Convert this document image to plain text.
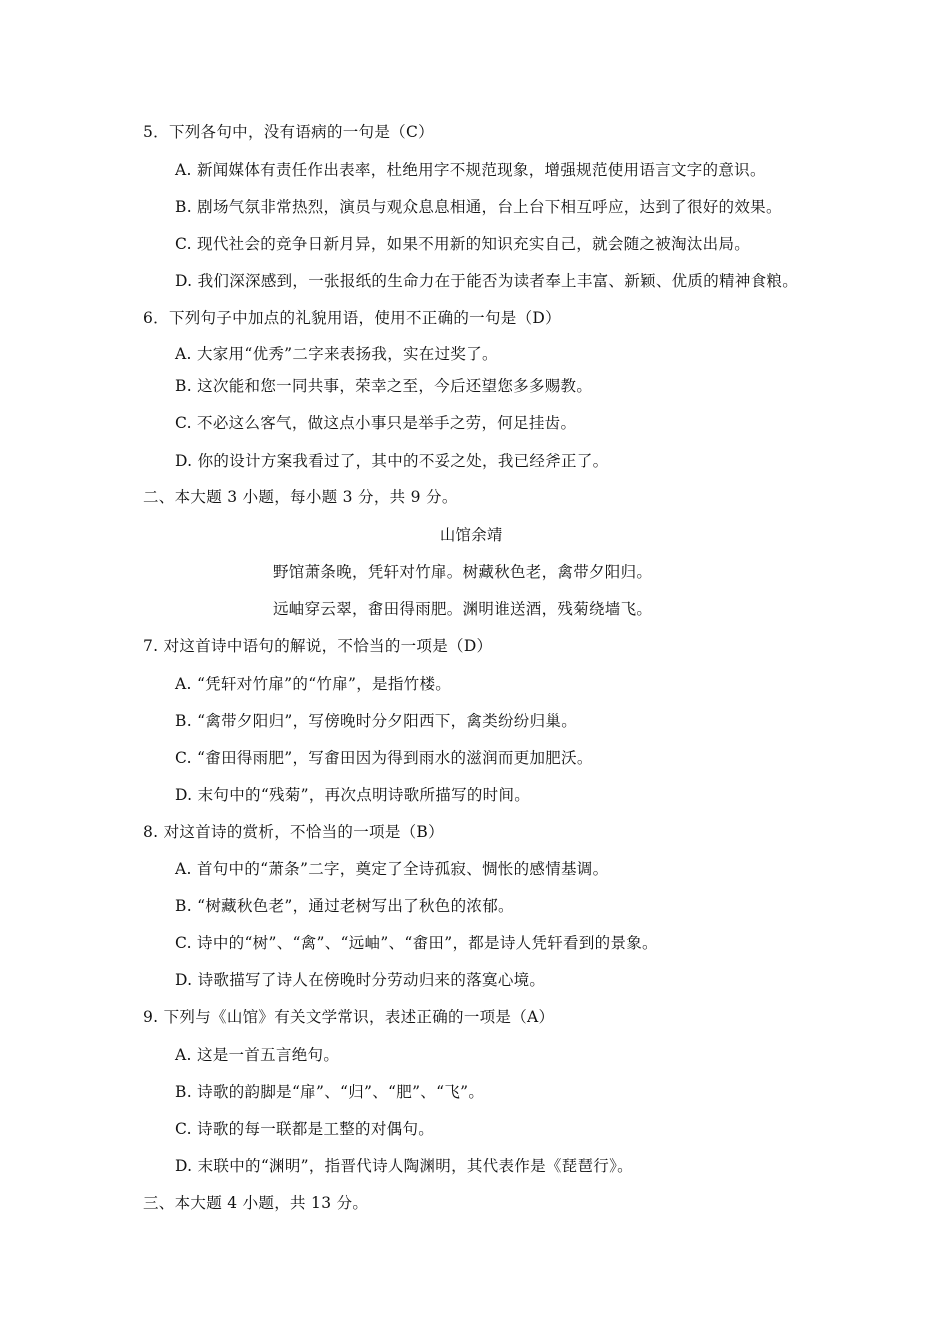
5．下列各句中，没有语病的一句是（C）
A. 新闻媒体有责任作出表率，杜绝用字不规范现象，增强规范使用语言文字的意识。
B. 剧场气氛非常热烈，演员与观众息息相通，台上台下相互呼应，达到了很好的效果。
C. 现代社会的竞争日新月异，如果不用新的知识充实自己，就会随之被淘汰出局。
D. 我们深深感到，一张报纸的生命力在于能否为读者奉上丰富、新颖、优质的精神食粮。
6．下列句子中加点的礼貌用语，使用不正确的一句是（D）
A. 大家用“优秀”二字来表扬我，实在过奖了。
B. 这次能和您一同共事，荣幸之至，今后还望您多多赐教。
C. 不必这么客气，做这点小事只是举手之劳，何足挂齿。
D. 你的设计方案我看过了，其中的不妥之处，我已经斧正了。
二、本大题 3 小题，每小题 3 分，共 9 分。
山馆余靖
野馆萧条晚，凭轩对竹扉。树藏秋色老，禽带夕阳归。
远岫穿云翠，畬田得雨肥。渊明谁送酒，残菊绕墙飞。
7. 对这首诗中语句的解说，不恰当的一项是（D）
A. “凭轩对竹扉”的“竹扉”，是指竹楼。
B. “禽带夕阳归”，写傍晚时分夕阳西下，禽类纷纷归巢。
C. “畬田得雨肥”，写畬田因为得到雨水的滋润而更加肥沃。
D. 末句中的“残菊”，再次点明诗歌所描写的时间。
8. 对这首诗的赏析，不恰当的一项是（B）
A. 首句中的“萧条”二字，奠定了全诗孤寂、惆怅的感情基调。
B. “树藏秋色老”，通过老树写出了秋色的浓郁。
C. 诗中的“树”、“禽”、“远岫”、“畬田”，都是诗人凭轩看到的景象。
D. 诗歌描写了诗人在傍晚时分劳动归来的落寞心境。
9. 下列与《山馆》有关文学常识，表述正确的一项是（A）
A. 这是一首五言绝句。
B. 诗歌的韵脚是“扉”、“归”、“肥”、“飞”。
C. 诗歌的每一联都是工整的对偶句。
D. 末联中的“渊明”，指晋代诗人陶渊明，其代表作是《琵琶行》。
三、本大题 4 小题，共 13 分。
